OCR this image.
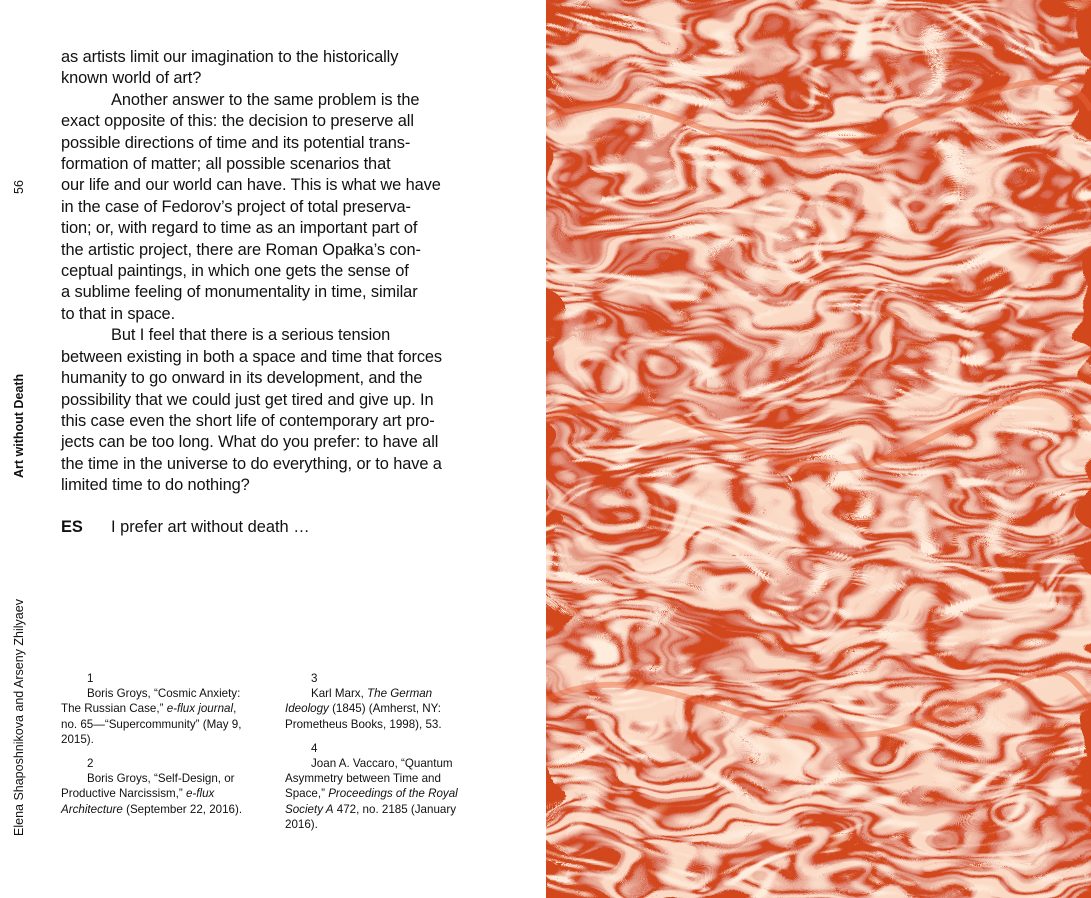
56
Art without Death
Elena Shaposhnikova and Arseny Zhilyaev

as artists limit our imagination to the historically
known world of art?

Another answer to the same problem is the
exact opposite of this: the decision to preserve all
possible directions of time and its potential trans-
formation of matter; all possible scenarios that
our life and our world can have. This is what we have
in the case of Fedorov’s project of total preserva-
tion; or, with regard to time as an important part of
the artistic project, there are Roman Opałka’s con-
ceptual paintings, in which one gets the sense of
a sublime feeling of monumentality in time, similar
to that in space.

But I feel that there is a serious tension
between existing in both a space and time that forces
humanity to go onward in its development, and the
possibility that we could just get tired and give up. In
this case even the short life of contemporary art pro-
jects can be too long. What do you prefer: to have all
the time in the universe to do everything, or to have a
limited time to do nothing?

ES I prefer art without death …
1
Boris Groys, “Cosmic Anxiety:
The Russian Case,” e-flux journal,
no. 65—“Supercommunity” (May 9,
2015).
2
Boris Groys, “Self-Design, or
Productive Narcissism,” e-flux
Architecture (September 22, 2016).
3
Karl Marx, The German
Ideology (1845) (Amherst, NY:
Prometheus Books, 1998), 53.
4
Joan A. Vaccaro, “Quantum
Asymmetry between Time and
Space,” Proceedings of the Royal
Society A 472, no. 2185 (January
2016).
